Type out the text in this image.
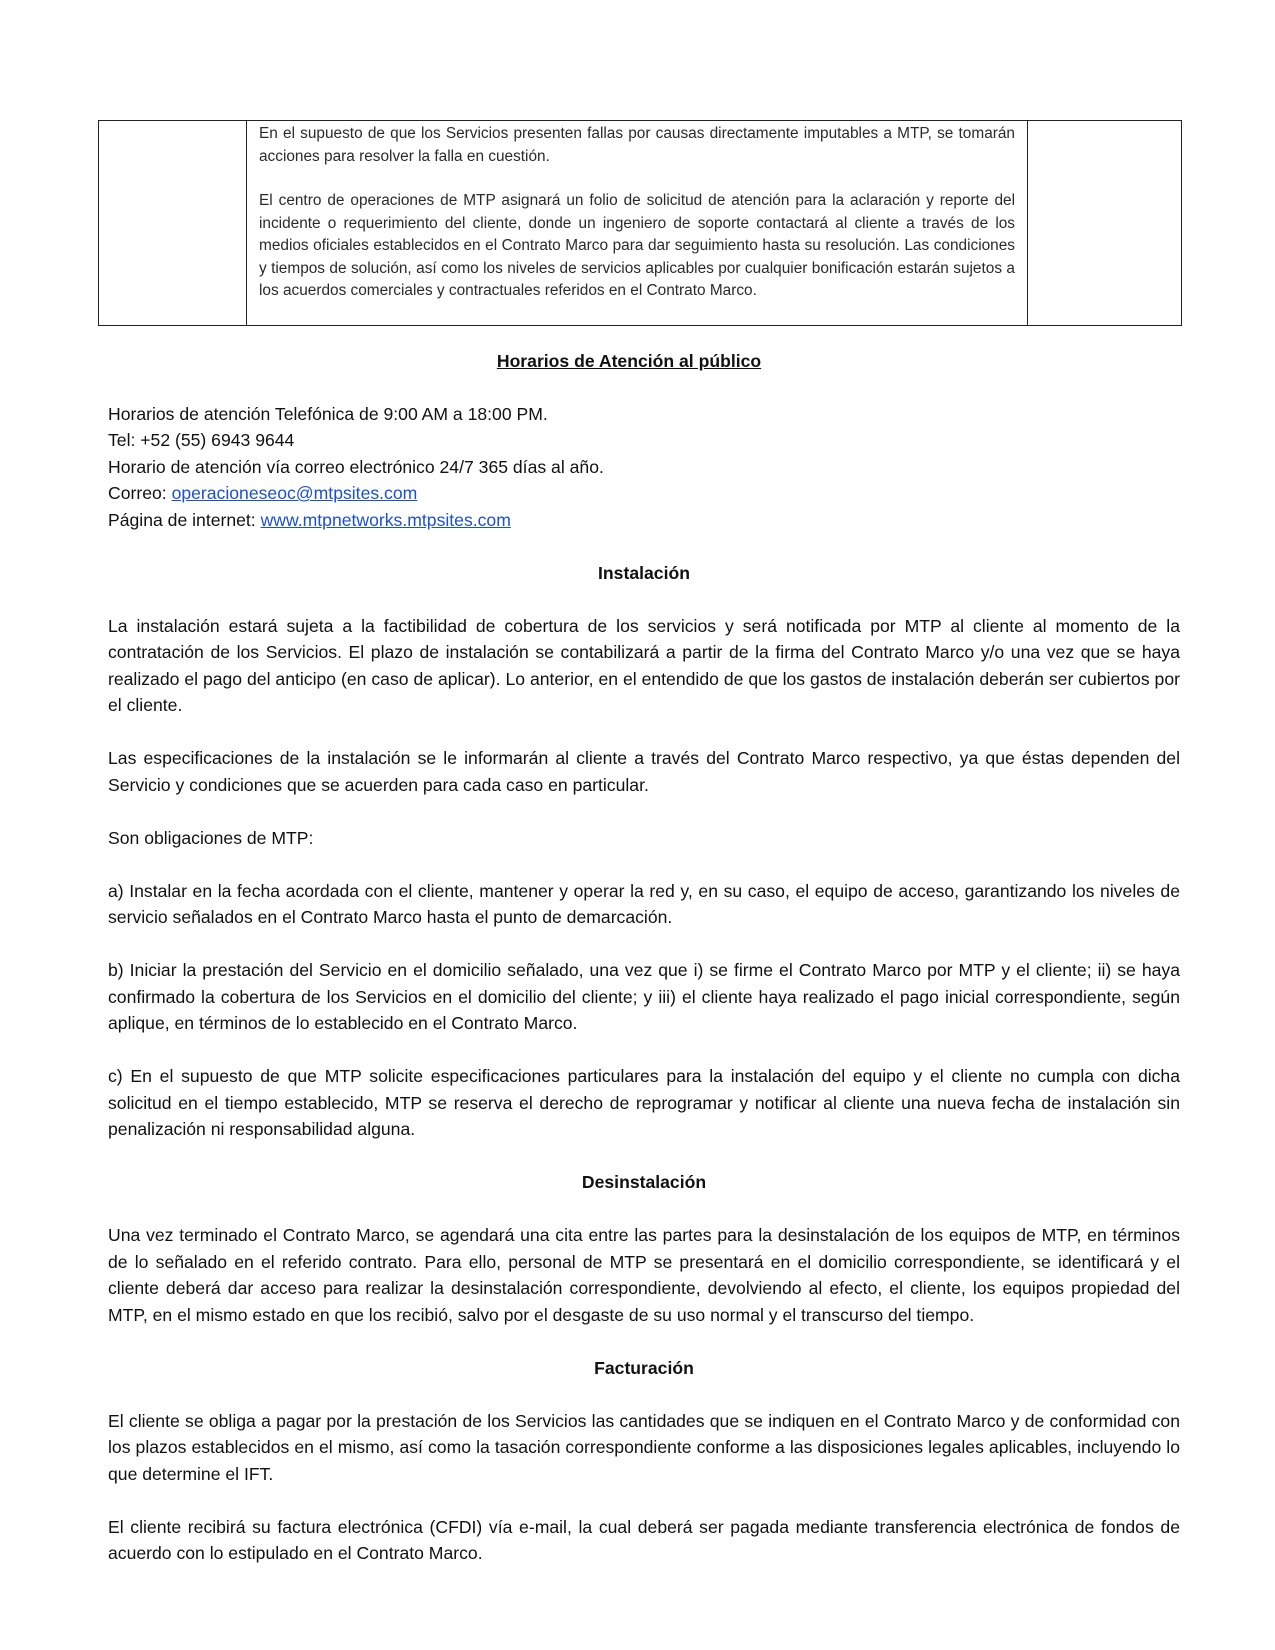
En el supuesto de que los Servicios presenten fallas por causas directamente imputables a MTP, se tomarán acciones para resolver la falla en cuestión.

El centro de operaciones de MTP asignará un folio de solicitud de atención para la aclaración y reporte del incidente o requerimiento del cliente, donde un ingeniero de soporte contactará al cliente a través de los medios oficiales establecidos en el Contrato Marco para dar seguimiento hasta su resolución. Las condiciones y tiempos de solución, así como los niveles de servicios aplicables por cualquier bonificación estarán sujetos a los acuerdos comerciales y contractuales referidos en el Contrato Marco.

Horarios de Atención al público

Horarios de atención Telefónica de 9:00 AM a 18:00 PM.

Tel: +52 (55) 6943 9644

Horario de atención vía correo electrónico 24/7 365 días al año.

Correo: operacioneseoc@mtpsites.com

Página de internet: www.mtpnetworks.mtpsites.com

Instalación

La instalación estará sujeta a la factibilidad de cobertura de los servicios y será notificada por MTP al cliente al momento de la contratación de los Servicios. El plazo de instalación se contabilizará a partir de la firma del Contrato Marco y/o una vez que se haya realizado el pago del anticipo (en caso de aplicar). Lo anterior, en el entendido de que los gastos de instalación deberán ser cubiertos por el cliente.

Las especificaciones de la instalación se le informarán al cliente a través del Contrato Marco respectivo, ya que éstas dependen del Servicio y condiciones que se acuerden para cada caso en particular.

Son obligaciones de MTP:

a) Instalar en la fecha acordada con el cliente, mantener y operar la red y, en su caso, el equipo de acceso, garantizando los niveles de servicio señalados en el Contrato Marco hasta el punto de demarcación.

b) Iniciar la prestación del Servicio en el domicilio señalado, una vez que i) se firme el Contrato Marco por MTP y el cliente; ii) se haya confirmado la cobertura de los Servicios en el domicilio del cliente; y iii) el cliente haya realizado el pago inicial correspondiente, según aplique, en términos de lo establecido en el Contrato Marco.

c) En el supuesto de que MTP solicite especificaciones particulares para la instalación del equipo y el cliente no cumpla con dicha solicitud en el tiempo establecido, MTP se reserva el derecho de reprogramar y notificar al cliente una nueva fecha de instalación sin penalización ni responsabilidad alguna.

Desinstalación

Una vez terminado el Contrato Marco, se agendará una cita entre las partes para la desinstalación de los equipos de MTP, en términos de lo señalado en el referido contrato. Para ello, personal de MTP se presentará en el domicilio correspondiente, se identificará y el cliente deberá dar acceso para realizar la desinstalación correspondiente, devolviendo al efecto, el cliente, los equipos propiedad del MTP, en el mismo estado en que los recibió, salvo por el desgaste de su uso normal y el transcurso del tiempo.

Facturación

El cliente se obliga a pagar por la prestación de los Servicios las cantidades que se indiquen en el Contrato Marco y de conformidad con los plazos establecidos en el mismo, así como la tasación correspondiente conforme a las disposiciones legales aplicables, incluyendo lo que determine el IFT.

El cliente recibirá su factura electrónica (CFDI) vía e-mail, la cual deberá ser pagada mediante transferencia electrónica de fondos de acuerdo con lo estipulado en el Contrato Marco.
